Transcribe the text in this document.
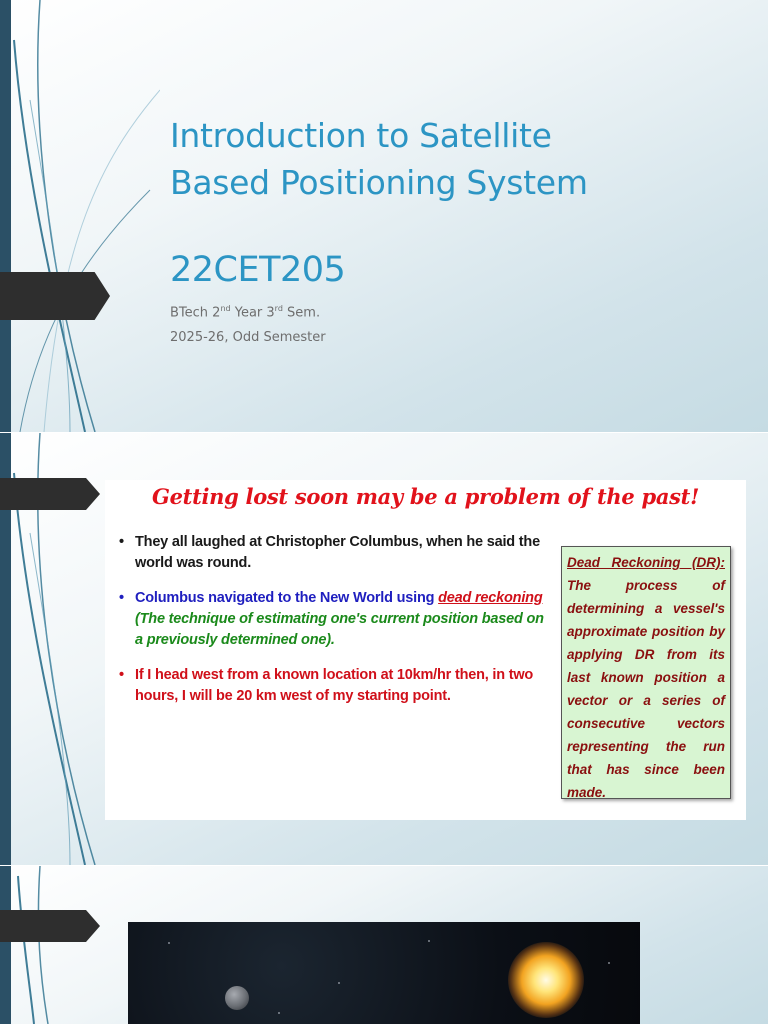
Introduction to Satellite
Based Positioning System
22CET205
BTech 2nd Year 3rd Sem.
2025-26, Odd Semester
Getting lost soon may be a problem of the past!
• They all laughed at Christopher Columbus, when he said the world was round.
• Columbus navigated to the New World using dead reckoning (The technique of estimating one's current position based on a previously determined one).
• If I head west from a known location at 10km/hr then, in two hours, I will be 20 km west of my starting point.
Dead Reckoning (DR): The process of determining a vessel's approximate position by applying DR from its last known position a vector or a series of consecutive vectors representing the run that has since been made.
